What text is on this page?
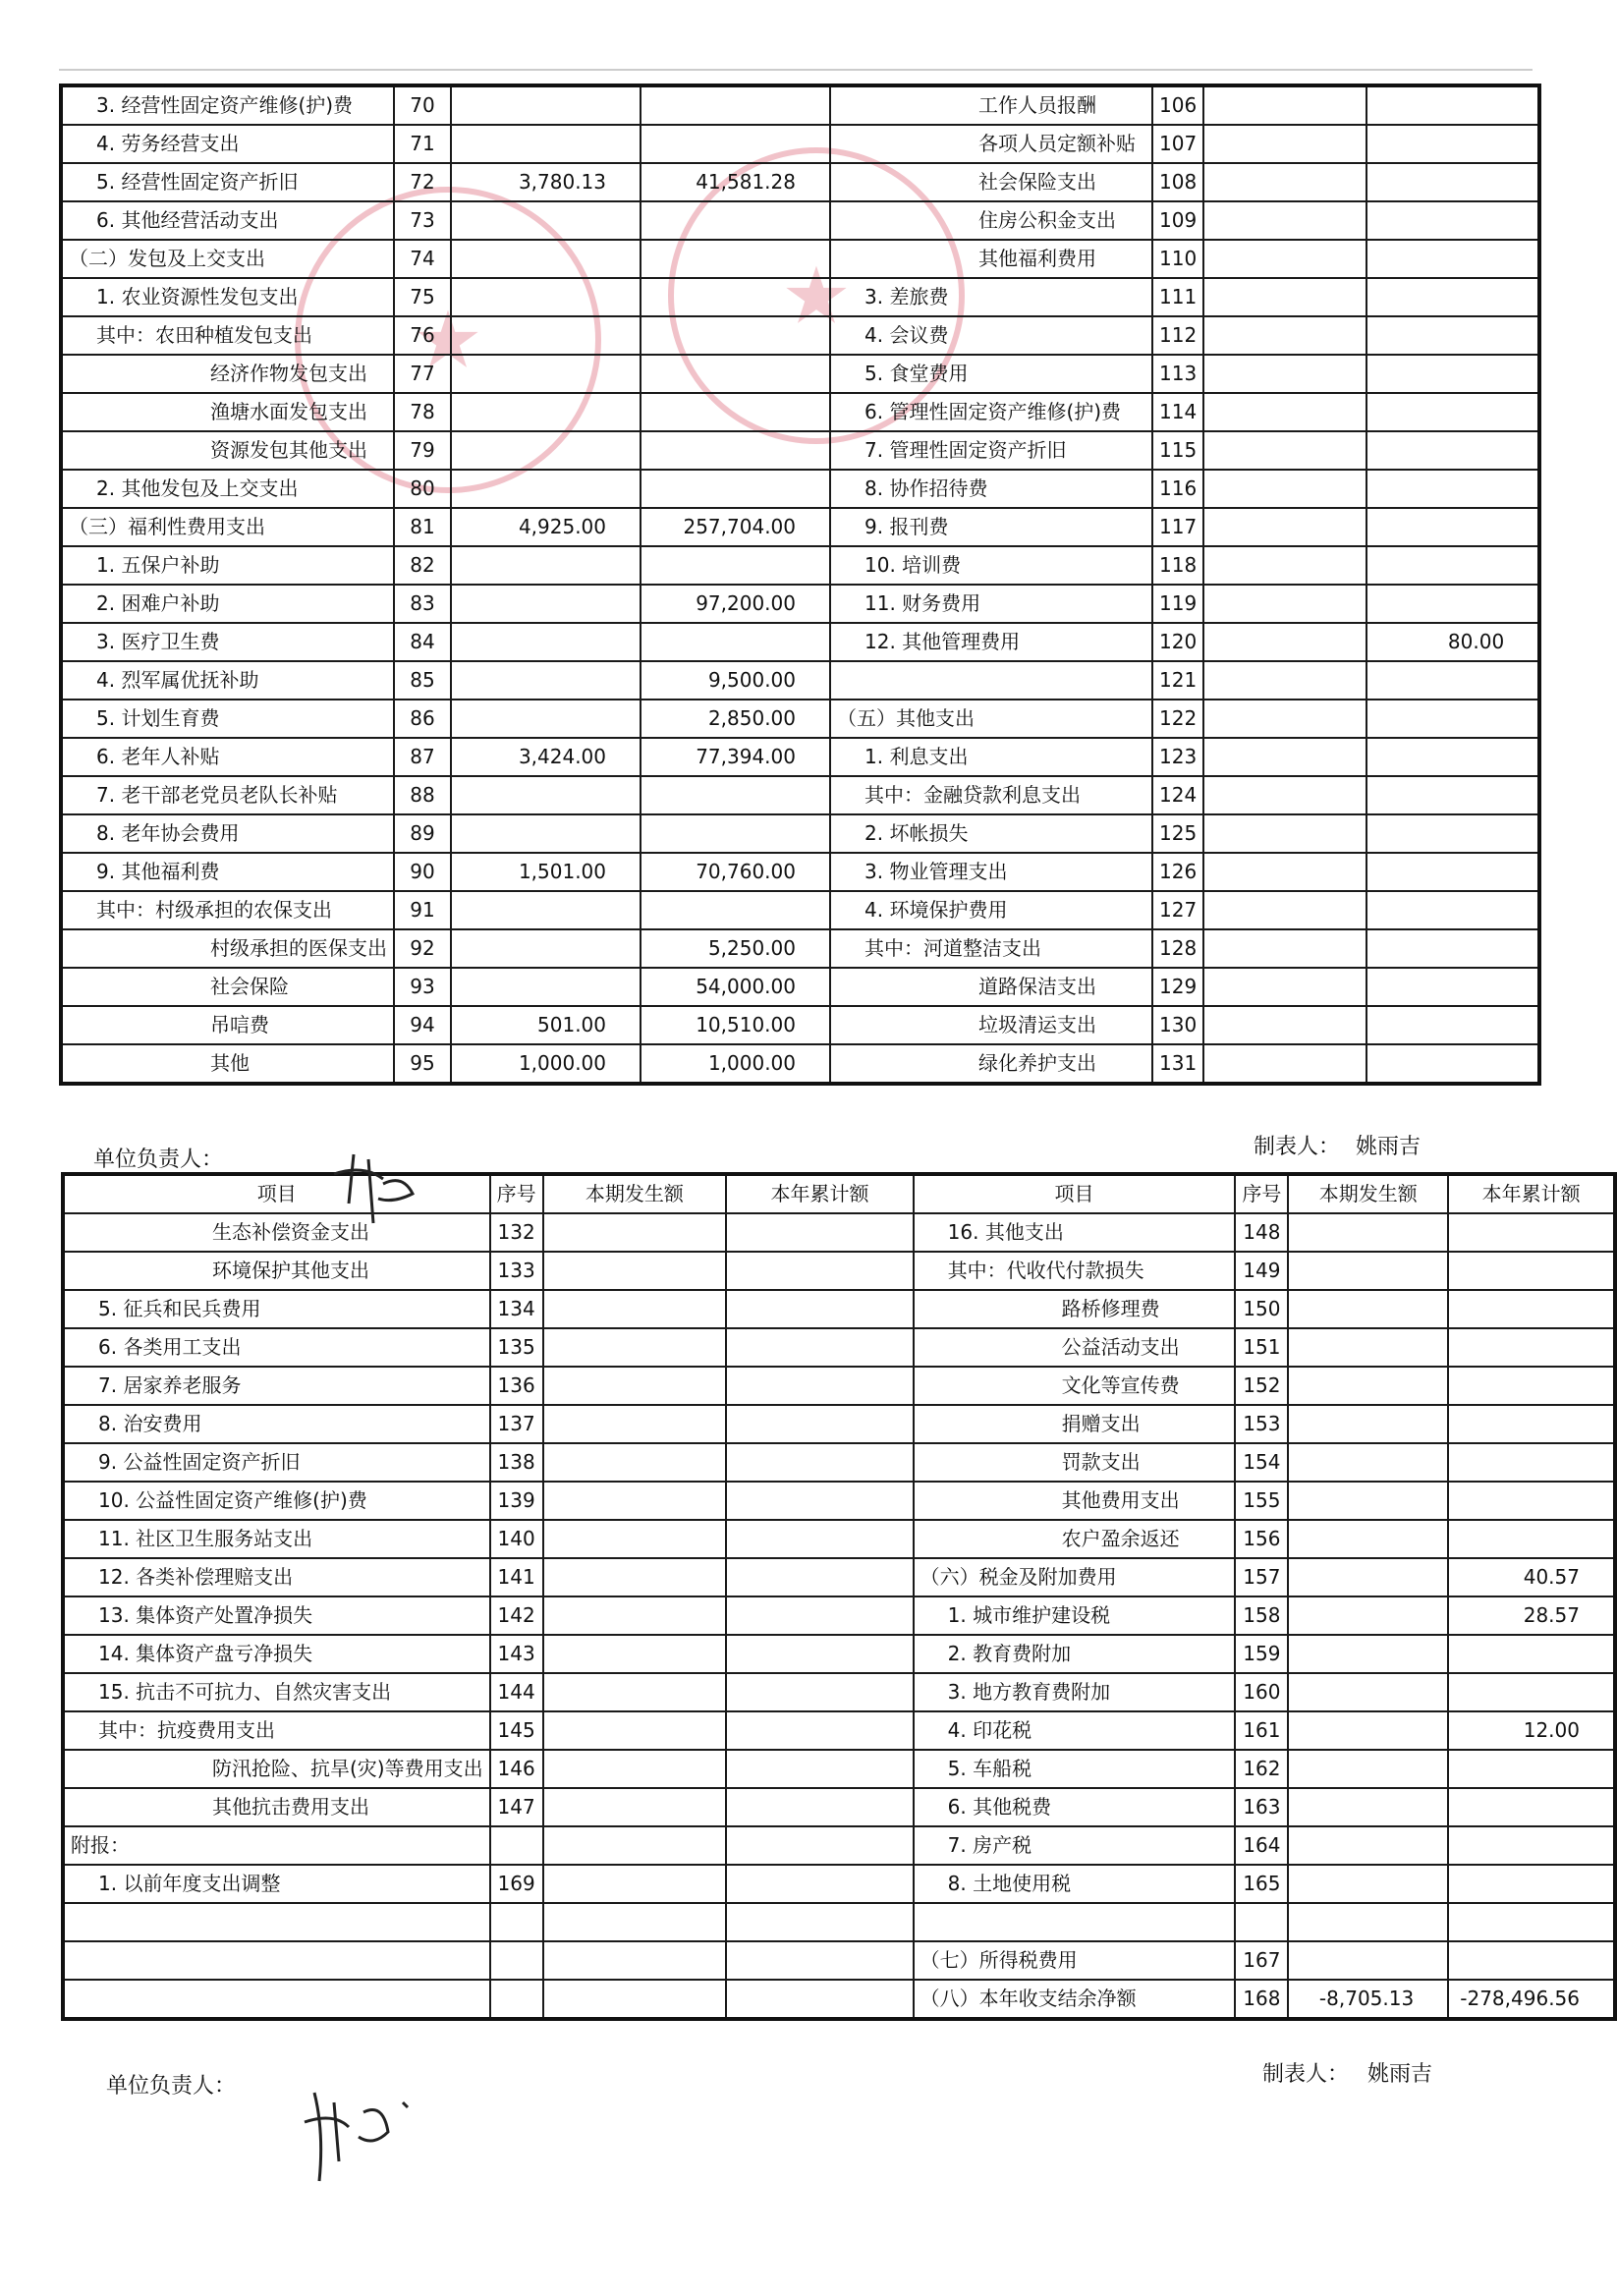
★
★
3. 经营性固定资产维修(护)费	70			工作人员报酬	106		
4. 劳务经营支出	71			各项人员定额补贴	107		
5. 经营性固定资产折旧	72	3,780.13	41,581.28	社会保险支出	108		
6. 其他经营活动支出	73			住房公积金支出	109		
（二）发包及上交支出	74			其他福利费用	110		
1. 农业资源性发包支出	75			3. 差旅费	111		
其中：农田种植发包支出	76			4. 会议费	112		
经济作物发包支出	77			5. 食堂费用	113		
渔塘水面发包支出	78			6. 管理性固定资产维修(护)费	114		
资源发包其他支出	79			7. 管理性固定资产折旧	115		
2. 其他发包及上交支出	80			8. 协作招待费	116		
（三）福利性费用支出	81	4,925.00	257,704.00	9. 报刊费	117		
1. 五保户补助	82			10. 培训费	118		
2. 困难户补助	83		97,200.00	11. 财务费用	119		
3. 医疗卫生费	84			12. 其他管理费用	120		80.00
4. 烈军属优抚补助	85		9,500.00		121		
5. 计划生育费	86		2,850.00	（五）其他支出	122		
6. 老年人补贴	87	3,424.00	77,394.00	1. 利息支出	123		
7. 老干部老党员老队长补贴	88			其中：金融贷款利息支出	124		
8. 老年协会费用	89			2. 坏帐损失	125		
9. 其他福利费	90	1,501.00	70,760.00	3. 物业管理支出	126		
其中：村级承担的农保支出	91			4. 环境保护费用	127		
村级承担的医保支出	92		5,250.00	其中：河道整洁支出	128		
社会保险	93		54,000.00	道路保洁支出	129		
吊唁费	94	501.00	10,510.00	垃圾清运支出	130		
其他	95	1,000.00	1,000.00	绿化养护支出	131		
单位负责人：
制表人： 姚雨吉
项目	序号	本期发生额	本年累计额	项目	序号	本期发生额	本年累计额
生态补偿资金支出	132			16. 其他支出	148		
环境保护其他支出	133			其中：代收代付款损失	149		
5. 征兵和民兵费用	134			路桥修理费	150		
6. 各类用工支出	135			公益活动支出	151		
7. 居家养老服务	136			文化等宣传费	152		
8. 治安费用	137			捐赠支出	153		
9. 公益性固定资产折旧	138			罚款支出	154		
10. 公益性固定资产维修(护)费	139			其他费用支出	155		
11. 社区卫生服务站支出	140			农户盈余返还	156		
12. 各类补偿理赔支出	141			（六）税金及附加费用	157		40.57
13. 集体资产处置净损失	142			1. 城市维护建设税	158		28.57
14. 集体资产盘亏净损失	143			2. 教育费附加	159		
15. 抗击不可抗力、自然灾害支出	144			3. 地方教育费附加	160		
其中：抗疫费用支出	145			4. 印花税	161		12.00
防汛抢险、抗旱(灾)等费用支出	146			5. 车船税	162		
其他抗击费用支出	147			6. 其他税费	163		
附报：				7. 房产税	164		
1. 以前年度支出调整	169			8. 土地使用税	165		

				（七）所得税费用	167		
				（八）本年收支结余净额	168	-8,705.13	-278,496.56
单位负责人：	制表人： 姚雨吉
